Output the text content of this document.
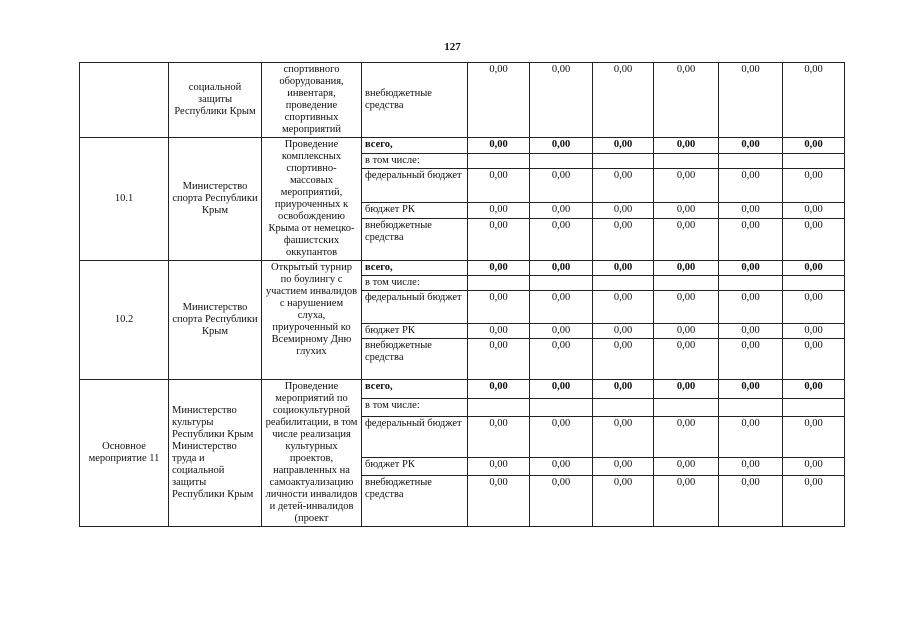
127
	социальной защиты Республики Крым	спортивного оборудования, инвентаря, проведение спортивных мероприятий	внебюджетные средства	0,00	0,00	0,00	0,00	0,00	0,00
10.1	Министерство спорта Республики Крым	Проведение комплексных спортивно-массовых мероприятий, приуроченных к освобождению Крыма от немецко-фашистских оккупантов	всего,	0,00	0,00	0,00	0,00	0,00	0,00
			в том числе:						
			федеральный бюджет	0,00	0,00	0,00	0,00	0,00	0,00
			бюджет РК	0,00	0,00	0,00	0,00	0,00	0,00
			внебюджетные средства	0,00	0,00	0,00	0,00	0,00	0,00
10.2	Министерство спорта Республики Крым	Открытый турнир по боулингу с участием инвалидов с нарушением слуха, приуроченный ко Всемирному Дню глухих	всего,	0,00	0,00	0,00	0,00	0,00	0,00
			в том числе:						
			федеральный бюджет	0,00	0,00	0,00	0,00	0,00	0,00
			бюджет РК	0,00	0,00	0,00	0,00	0,00	0,00
			внебюджетные средства	0,00	0,00	0,00	0,00	0,00	0,00
Основное мероприятие 11	Министерство культуры Республики Крым Министерство труда и социальной защиты Республики Крым	Проведение мероприятий по социокультурной реабилитации, в том числе реализация культурных проектов, направленных на самоактуализацию личности инвалидов и детей-инвалидов (проект	всего,	0,00	0,00	0,00	0,00	0,00	0,00
			в том числе:						
			федеральный бюджет	0,00	0,00	0,00	0,00	0,00	0,00
			бюджет РК	0,00	0,00	0,00	0,00	0,00	0,00
			внебюджетные средства	0,00	0,00	0,00	0,00	0,00	0,00
